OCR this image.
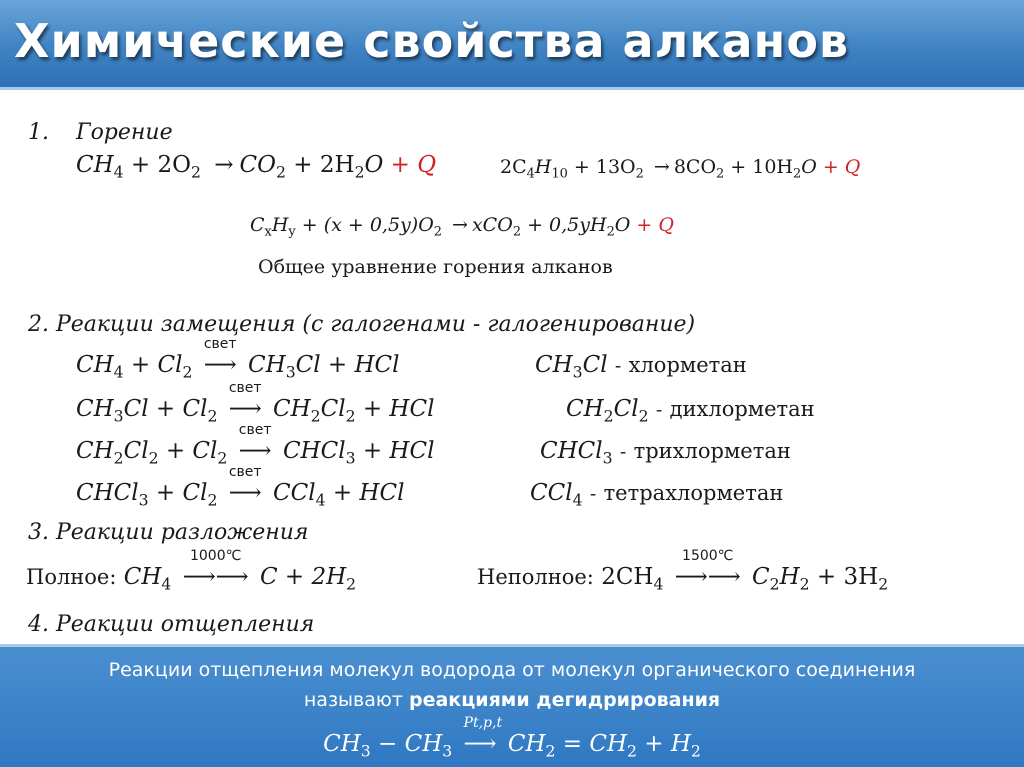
Химические свойства алканов
1. Горение
$CH_4 + 2O_2 \to CO_2 + 2H_2O + Q$	$2C_4H_{10} + 13O_2 \to 8CO_2 + 10H_2O + Q$
$C_xH_y + (x + 0,5y)O_2 \to xCO_2 + 0,5yH_2O + Q$
Общее уравнение горения алканов
2. Реакции замещения (с галогенами - галогенирование)
$CH_4 + Cl_2$
свет
⟶ $CH_3Cl$ + HCl	$CH_3Cl$ - хлорметан
$CH_3Cl + Cl_2$
свет
⟶ $CH_2Cl_2$ + HCl	$CH_2Cl_2$ - дихлорметан
$CH_2Cl_2 + Cl_2$
свет
⟶ CHCl$_3$ + HCl	CHCl$_3$ - трихлорметан
CHCl$_3$ + $Cl_2$
свет
⟶ CCl$_4$ + HCl	CCl$_4$ - тетрахлорметан
3. Реакции разложения
Полное: $CH_4$
1000℃
⟶⟶ $C + 2H_2$	Неполное: $2CH_4$
1500℃
⟶⟶ $C_2H_2 + 3H_2$
4. Реакции отщепления
Реакции отщепления молекул водорода от молекул органического соединения
называют реакциями дегидрирования
$CH_3 - CH_3$
Pt,p,t
⟶ $CH_2 = CH_2 + H_2$
